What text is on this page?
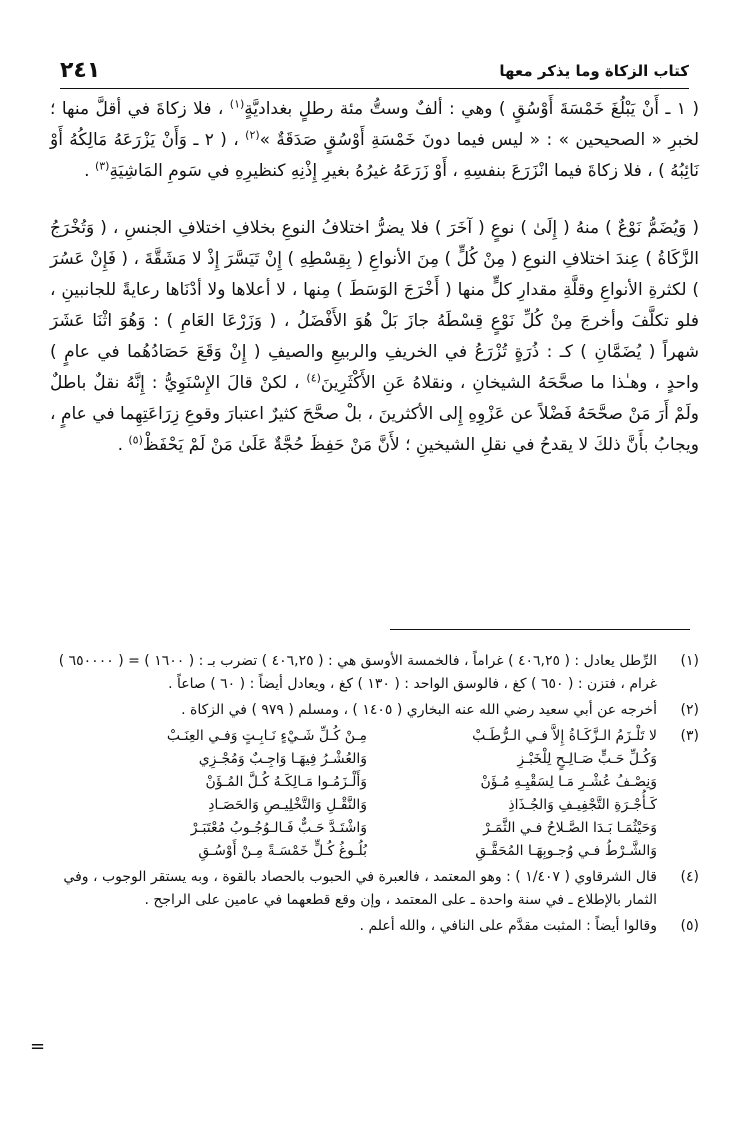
كتاب الزكاة وما يذكر معها
٢٤١

( ١ ـ أَنْ يَبْلُغَ خَمْسَةَ أَوْسُقٍ ) وهي : ألفٌ وستُّ مئة رطلٍ بغداديَّةٍ$^{(١)}$ ، فلا زكاةَ في أقلَّ منها ؛ لخبرِ « الصحيحين » : « ليس فيما دونَ خَمْسَةِ أَوْسُقٍ صَدَقَةٌ »$^{(٢)}$ ، ( ٢ ـ وَأَنْ يَزْرَعَهُ مَالِكُهُ أَوْ نَائِبُهُ ) ، فلا زكاةَ فيما انْزَرَعَ بنفسِهِ ، أَوْ زَرَعَهُ غيرُهُ بغيرِ إِذْنِهِ كنظيرِهِ في سَومِ المَاشِيَةِ$^{(٣)}$ .

( وَيُضَمُّ نَوْعٌ ) منهُ ( إِلَىٰ ) نوعٍ ( آخَرَ ) فلا يضرُّ اختلافُ النوعِ بخلافِ اختلافِ الجنسِ ، ( وَتُخْرَجُ الزَّكَاةُ ) عِندَ اختلافِ النوعِ ( مِنْ كُلٍّ ) مِنَ الأنواعِ ( بِقِسْطِهِ ) إِنْ تَيَسَّرَ إِذْ لا مَشَقَّةَ ، ( فَإِنْ عَسُرَ ) لكثرةِ الأنواعِ وقلَّةِ مقدارِ كلٍّ منها ( أَخْرَجَ الوَسَطَ ) مِنها ، لا أعلاها ولا أدْنَاها رعايةً للجانبينِ ، فلو تكلَّفَ وأخرجَ مِنْ كُلِّ نَوْعٍ قِسْطَهُ جازَ بَلْ هُوَ الأَفْضَلُ ، ( وَزَرْعَا العَامِ ) : وَهُوَ اثْنَا عَشَرَ شهراً ( يُضَمَّانِ ) كـ : ذُرَةٍ تُزْرَعُ في الخريفِ والربيعِ والصيفِ ( إِنْ وَقَعَ حَصَادُهُما في عامٍ ) واحدٍ ، وهـٰذا ما صحَّحَهُ الشيخانِ ، ونقلاهُ عَنِ الأَكْثَرِينَ$^{(٤)}$ ، لكنْ قالَ الإِسْنَوِيُّ : إِنَّهُ نقلٌ باطلٌ ولَمْ أَرَ مَنْ صحَّحَهُ فَضْلاً عن عَزْوِهِ إِلى الأكثرينَ ، بلْ صحَّحَ كثيرٌ اعتبارَ وقوعِ زِرَاعَتِهِما في عامٍ ، ويجابُ بأَنَّ ذلكَ لا يقدحُ في نقلِ الشيخينِ ؛ لأَنَّ مَنْ حَفِظَ حُجَّةٌ عَلَىٰ مَنْ لَمْ يَحْفَظْ$^{(٥)}$ .

(١)
الرِّطل يعادل : ( ٤٠٦,٢٥ ) غراماً ، فالخمسة الأوسق هي : ( ٤٠٦,٢٥ ) تضرب بـ : ( ١٦٠٠ ) = ( ٦٥٠٠٠٠ ) غرام ، فتزن : ( ٦٥٠ ) كغ ، فالوسق الواحد : ( ١٣٠ ) كغ ، ويعادل أيضاً : ( ٦٠ ) صاعاً .
(٢)
أخرجه عن أبي سعيد رضي الله عنه البخاري ( ١٤٠٥ ) ، ومسلم ( ٩٧٩ ) في الزكاة .
(٣)
لا تَلْـزَمُ الـزَّكَـاةُ إِلاَّ فـي الـرُّطَـبْ
مِـنْ كُـلِّ شَـيْءٍ نَـابِـتٍ وَفـي العِنَـبْ
وَكُـلِّ حَـبٍّ صَـالِـحٍ لِلْخَبْـزِ
وَالعُشْـرُ فِيهَـا وَاجِـبٌ وَمُجْـزِي
وَنِصْـفُ عُشْـرِ مَـا لِسَقْيِـهِ مُـؤَنْ
وَأَلْـزَمُـوا مَـالِكَـهُ كُـلَّ المُـؤَنْ
كَـأُجْـرَةِ التَّجْفِيـفِ وَالجُـذَاذِ
وَالنَّقْـلِ وَالتَّخْلِيـصِ وَالحَصَـادِ
وَحَيْثُمَـا بَـدَا الصَّـلاحُ فـي الثَّمَـرْ
وَاشْتَـدَّ حَـبٌّ فَـالـوُجُـوبُ مُعْتَبَـرْ
وَالشَّـرْطُ فـي وُجـوبِهَـا المُحَقَّـقِ
بُلُـوغُ كُـلٍّ خَمْسَـةً مِـنْ أَوْسُـقِ
(٤)
قال الشرقاوي ( ١/٤٠٧ ) : وهو المعتمد ، فالعبرة في الحبوب بالحصاد بالقوة ، وبه يستقر الوجوب ، وفي الثمار بالإطلاع ـ في سنة واحدة ـ على المعتمد ، وإن وقع قطعهما في عامين على الراجح .
(٥)
وقالوا أيضاً : المثبت مقدَّم على النافي ، والله أعلم .
=
